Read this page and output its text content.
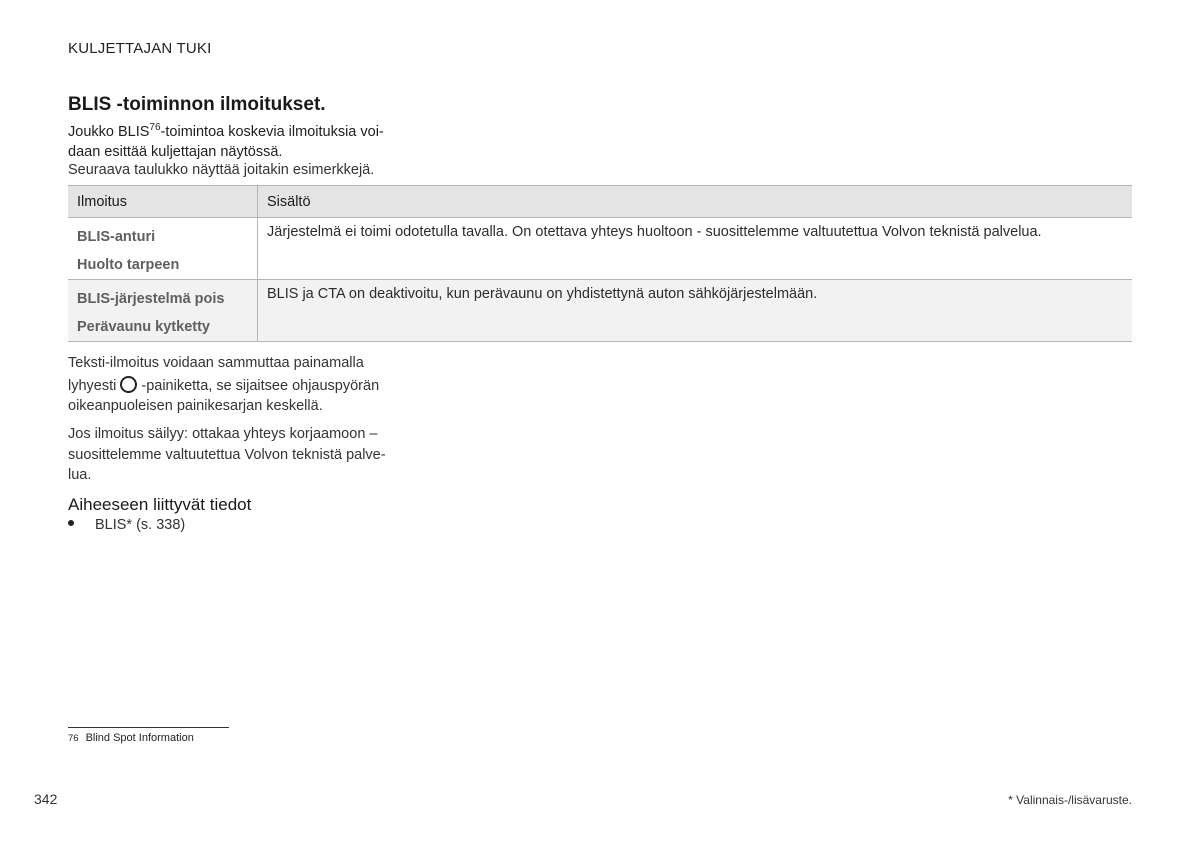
KULJETTAJAN TUKI
BLIS -toiminnon ilmoitukset.
Joukko BLIS$^{76}$-toimintoa koskevia ilmoituksia voi- daan esittää kuljettajan näytössä.
Seuraava taulukko näyttää joitakin esimerkkejä.
Ilmoitus	Sisältö

BLIS-anturi
Huolto tarpeen	Järjestelmä ei toimi odotetulla tavalla. On otettava yhteys huoltoon - suosittelemme valtuutettua Volvon teknistä palvelua.

BLIS-järjestelmä pois
Perävaunu kytketty	BLIS ja CTA on deaktivoitu, kun perävaunu on yhdistettynä auton sähköjärjestelmään.

Teksti-ilmoitus voidaan sammuttaa painamalla
lyhyesti -painiketta, se sijaitsee ohjauspyörän oikeanpuoleisen painikesarjan keskellä.

Jos ilmoitus säilyy: ottakaa yhteys korjaamoon – suosittelemme valtuutettua Volvon teknistä palve- lua.

Aiheeseen liittyvät tiedot
BLIS* (s. 338)
76 Blind Spot Information
342	* Valinnais-/lisävaruste.
